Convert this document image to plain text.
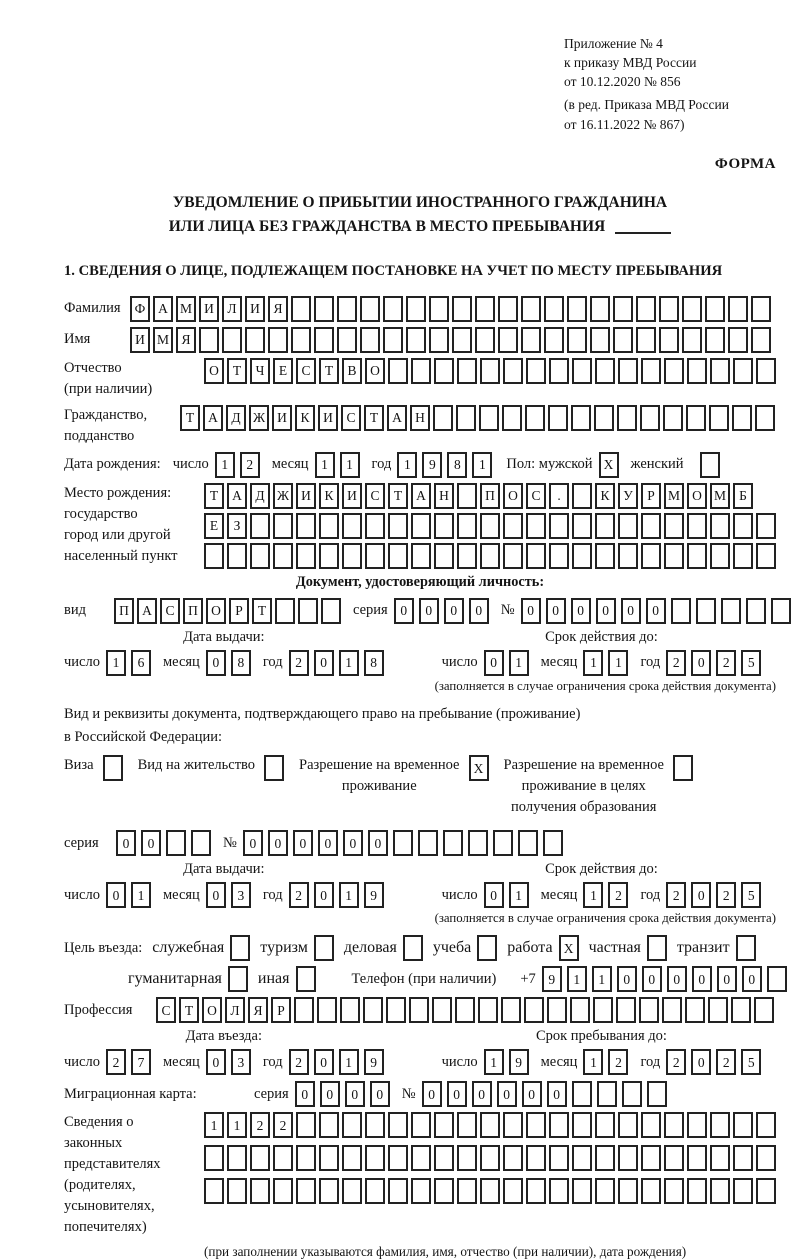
Приложение № 4
к приказу МВД России
от 10.12.2020 № 856
(в ред. Приказа МВД России
от 16.11.2022 № 867)
ФОРМА
УВЕДОМЛЕНИЕ О ПРИБЫТИИ ИНОСТРАННОГО ГРАЖДАНИНА
ИЛИ ЛИЦА БЕЗ ГРАЖДАНСТВА В МЕСТО ПРЕБЫВАНИЯ
1. СВЕДЕНИЯ О ЛИЦЕ, ПОДЛЕЖАЩЕМ ПОСТАНОВКЕ НА УЧЕТ ПО МЕСТУ ПРЕБЫВАНИЯ
Фамилия	Ф А М И	Л	И	Я
Имя	И М Я
Отчество
(при наличии)
О	Т	Ч	Е	С	Т	В	О
Гражданство,
подданство
Т	А	Д Ж И	К	И	С	Т	А Н
Дата рождения: число 1	2	месяц 1	1	год 1	9	8	1	Пол: мужской X	женский
Место рождения:
государство
город или другой
населенный пункт
Т	А	Д Ж И	К	И	С	Т	А Н	П О	С	.	К	У	Р М О М Б
Е	З
Документ, удостоверяющий личность:
вид	П А	С	П О	Р	Т	серия 0	0	0	0	№ 0	0	0	0	0	0
Дата выдачи:
число 1	6	месяц 0	8	год 2	0	1	8
Срок действия до:
число 0	1	месяц 1	1	год 2	0	2	5
(заполняется в случае ограничения срока действия документа)
Вид и реквизиты документа, подтверждающего право на пребывание (проживание)
в Российской Федерации:
Виза	Вид на жительство	Разрешение на временное
проживание
X	Разрешение на временное
проживание в целях
получения образования
серия	0	0	№ 0	0	0	0	0	0
Дата выдачи:
число 0	1	месяц 0	3	год 2	0	1	9
Срок действия до:
число 0	1	месяц 1	2	год 2	0	2	5
(заполняется в случае ограничения срока действия документа)
Цель въезда: служебная туризм деловая учеба работа X частная транзит
гуманитарная иная	Телефон (при наличии) +7 9	1	1	0	0	0	0	0	0
Профессия	С	Т	О	Л	Я	Р
Дата въезда:
число 2	7	месяц 0	3	год 2	0	1	9
Срок пребывания до:
число 1	9	месяц 1	2	год 2	0	2	5
Миграционная карта:	серия 0	0	0	0	№ 0	0	0	0	0	0
Сведения о
законных
представителях
(родителях,
усыновителях,
попечителях)
1	1	2	2
(при заполнении указываются фамилия, имя, отчество (при наличии), дата рождения)
